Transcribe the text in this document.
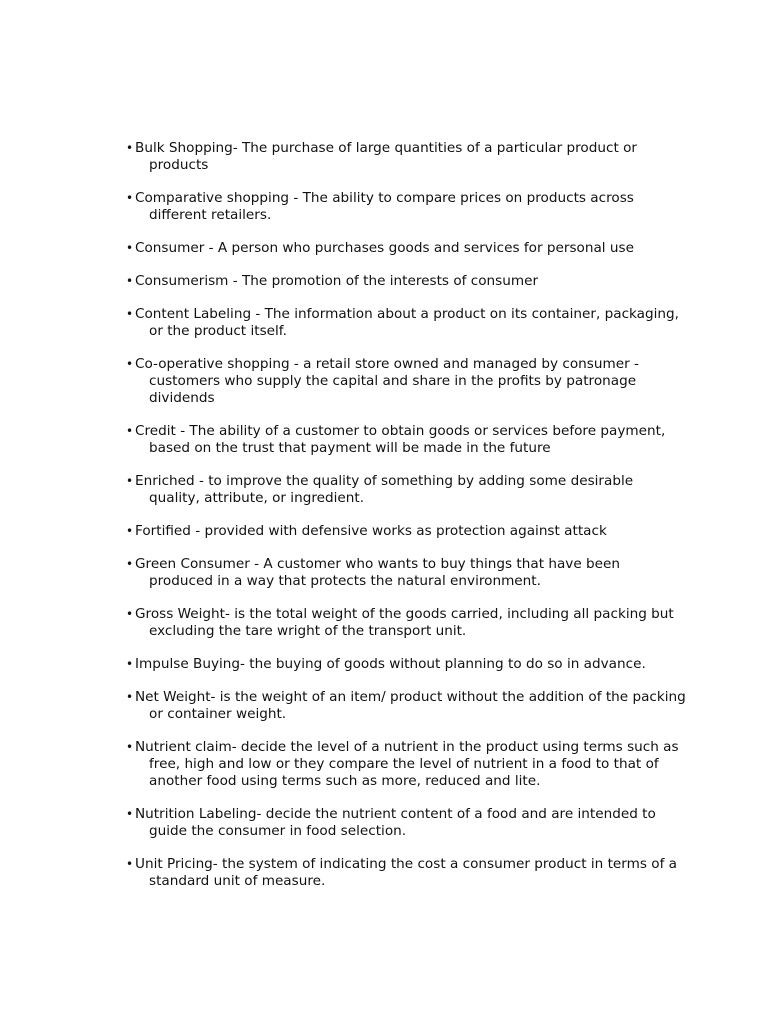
• Bulk Shopping- The purchase of large quantities of a particular product or products
• Comparative shopping - The ability to compare prices on products across different retailers.
• Consumer - A person who purchases goods and services for personal use
• Consumerism - The promotion of the interests of consumer
• Content Labeling - The information about a product on its container, packaging, or the product itself.
• Co-operative shopping - a retail store owned and managed by consumer - customers who supply the capital and share in the profits by patronage dividends
• Credit - The ability of a customer to obtain goods or services before payment, based on the trust that payment will be made in the future
• Enriched - to improve the quality of something by adding some desirable quality, attribute, or ingredient.
• Fortified - provided with defensive works as protection against attack
• Green Consumer - A customer who wants to buy things that have been produced in a way that protects the natural environment.
• Gross Weight- is the total weight of the goods carried, including all packing but excluding the tare wright of the transport unit.
• Impulse Buying- the buying of goods without planning to do so in advance.
• Net Weight- is the weight of an item/ product without the addition of the packing or container weight.
• Nutrient claim- decide the level of a nutrient in the product using terms such as free, high and low or they compare the level of nutrient in a food to that of another food using terms such as more, reduced and lite.
• Nutrition Labeling- decide the nutrient content of a food and are intended to guide the consumer in food selection.
• Unit Pricing- the system of indicating the cost a consumer product in terms of a standard unit of measure.
